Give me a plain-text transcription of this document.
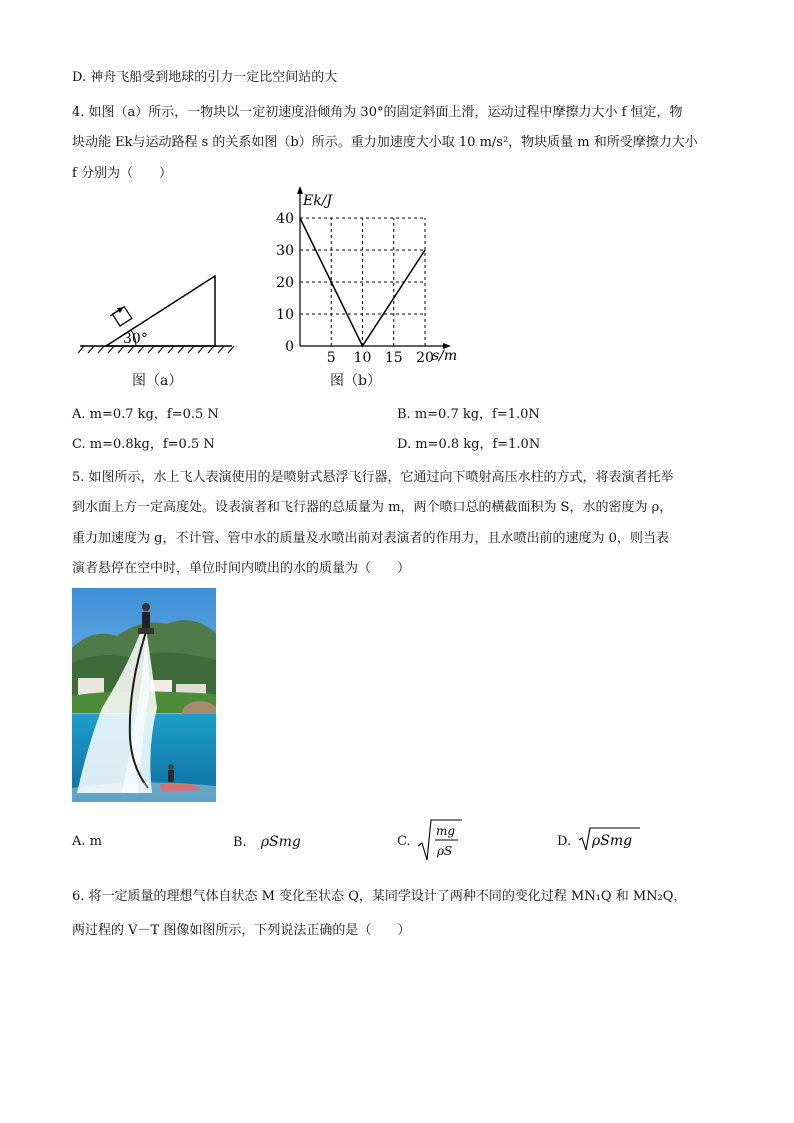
D. 神舟飞船受到地球的引力一定比空间站的大
4. 如图（a）所示，一物块以一定初速度沿倾角为 30°的固定斜面上滑，运动过程中摩擦力大小 f 恒定，物
块动能 Ek与运动路程 s 的关系如图（b）所示。重力加速度大小取 10 m/s²，物块质量 m 和所受摩擦力大小
f 分别为（　　）
30°
图（a）
5 10 15 20
0
10
20
30
40
Ek/J
s/m
图（b）
A. m=0.7 kg，f=0.5 N	B. m=0.7 kg，f=1.0N
C. m=0.8kg，f=0.5 N	D. m=0.8 kg，f=1.0N
5. 如图所示，水上飞人表演使用的是喷射式悬浮飞行器，它通过向下喷射高压水柱的方式，将表演者托举
到水面上方一定高度处。设表演者和飞行器的总质量为 m，两个喷口总的横截面积为 S，水的密度为 ρ，
重力加速度为 g，不计管、管中水的质量及水喷出前对表演者的作用力，且水喷出前的速度为 0，则当表
演者悬停在空中时，单位时间内喷出的水的质量为（　　）
A. m	B. ρSmg	C.
mg
ρS
D. ρSmg
6. 将一定质量的理想气体自状态 M 变化至状态 Q，某同学设计了两种不同的变化过程 MN₁Q 和 MN₂Q，
两过程的 V－T 图像如图所示，下列说法正确的是（　　）
